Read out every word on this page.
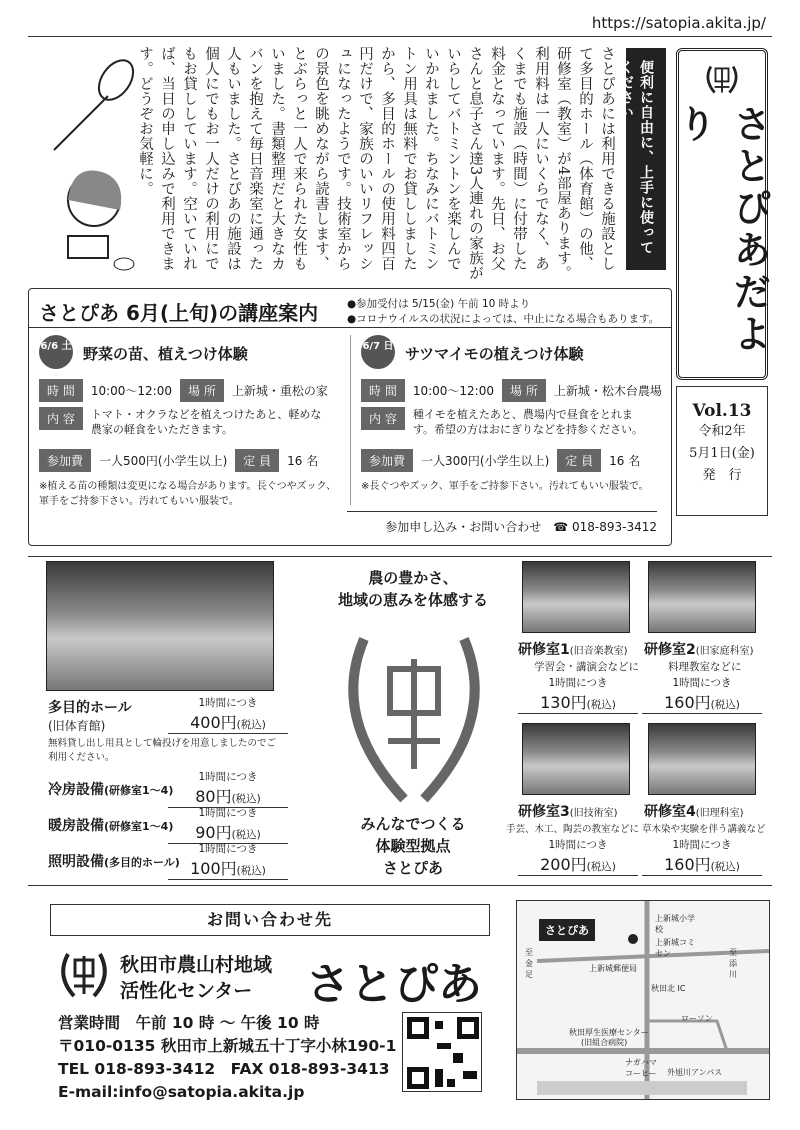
https://satopia.akita.jp/
さとぴあだより
便利に自由に、上手に使ってください
Vol.13
令和2年
5月1日(金)
発　行
さとぴあには利用できる施設として多目的ホール（体育館）の他、研修室（教室）が4部屋あります。利用料は一人にいくらでなく、あくまでも施設（時間）に付帯した料金となっています。先日、お父さんと息子さん達3人連れの家族がいらしてバトミントンを楽しんでいかれました。ちなみにバトミントン用具は無料でお貸ししましたから、多目的ホールの使用料四百円だけで、家族のいいリフレッシュになったようです。技術室からの景色を眺めながら読書します、とぶらっと一人で来られた女性もいました。書類整理だと大きなカバンを抱えて毎日音楽室に通った人もいました。さとぴあの施設は個人にでもお一人だけの利用にでもお貸ししています。空いていれば、当日の申し込みで利用できます。どうぞお気軽に。
さとぴあ 6月(上旬)の講座案内	●参加受付は 5/15(金) 午前 10 時より
●コロナウイルスの状況によっては、中止になる場合もあります。
6/6 土 野菜の苗、植えつけ体験
時 間	10:00〜12:00	場 所	上新城・重松の家
内 容	トマト・オクラなどを植えつけたあと、軽めな農家の軽食をいただきます。
参加費	一人500円(小学生以上)	定 員	16 名
※植える苗の種類は変更になる場合があります。長ぐつやズック、軍手をご持参下さい。汚れてもいい服装で。
6/7 日 サツマイモの植えつけ体験
時 間	10:00〜12:00	場 所	上新城・松木台農場
内 容	種イモを植えたあと、農場内で昼食をとれます。希望の方はおにぎりなどを持参ください。
参加費	一人300円(小学生以上)	定 員	16 名
※長ぐつやズック、軍手をご持参下さい。汚れてもいい服装で。
参加申し込み・お問い合わせ　☎ 018-893-3412
多目的ホール
(旧体育館)
1時間につき
400円(税込)
無料貸し出し用具として輪投げを用意しましたのでご利用ください。
冷房設備(研修室1〜4)
1時間につき
80円(税込)
暖房設備(研修室1〜4)
1時間につき
90円(税込)
照明設備(多目的ホール)
1時間につき
100円(税込)
農の豊かさ、
地域の恵みを体感する
みんなでつくる
体験型拠点
さとぴあ
研修室1(旧音楽教室)
学習会・講演会などに
1時間につき
130円(税込)
研修室2(旧家庭科室)
料理教室などに
1時間につき
160円(税込)
研修室3(旧技術室)
手芸、木工、陶芸の教室などに
1時間につき
200円(税込)
研修室4(旧理科室)
草木染や実験を伴う講義など
1時間につき
160円(税込)
お問い合わせ先
秋田市農山村地域
活性化センター	さとぴあ
営業時間　午前 10 時 〜 午後 10 時
〒010-0135 秋田市上新城五十丁字小林190-1
TEL 018-893-3412　FAX 018-893-3413
E-mail:info@satopia.akita.jp
さとぴあ
上新城小学校
上新城コミセン
上新城郵便局
秋田北 IC
ローソン
秋田厚生医療センター
(旧組合病院)
外旭川アンパス
至 添川
至 金足
ナガハマコーヒー
